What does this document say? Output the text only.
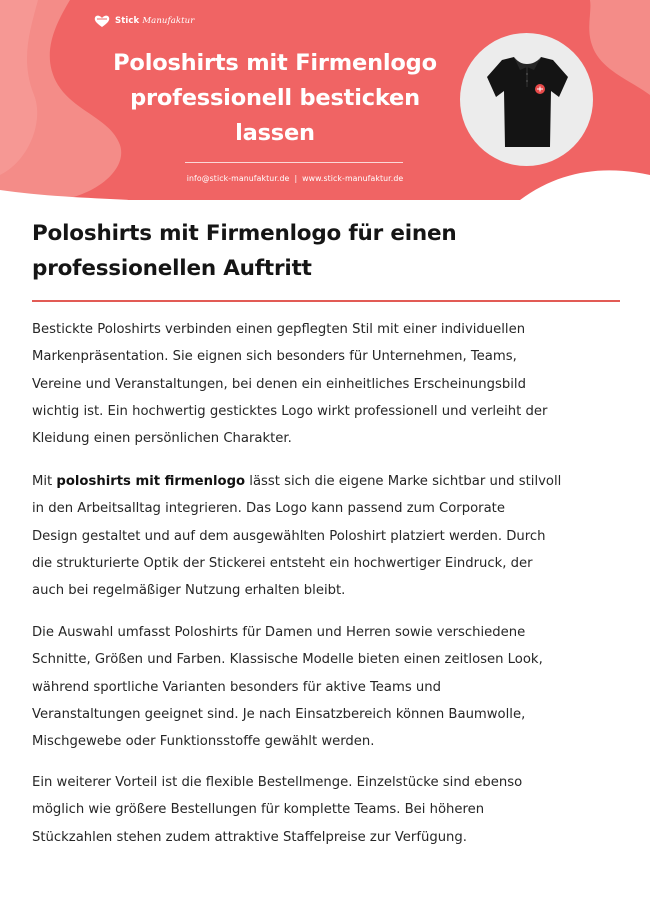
Stick Manufaktur
Poloshirts mit Firmenlogo
professionell besticken
lassen
info@stick-manufaktur.de | www.stick-manufaktur.de
Poloshirts mit Firmenlogo für einen
professionellen Auftritt
Bestickte Poloshirts verbinden einen gepflegten Stil mit einer individuellen
Markenpräsentation. Sie eignen sich besonders für Unternehmen, Teams,
Vereine und Veranstaltungen, bei denen ein einheitliches Erscheinungsbild
wichtig ist. Ein hochwertig gesticktes Logo wirkt professionell und verleiht der
Kleidung einen persönlichen Charakter.
Mit poloshirts mit firmenlogo lässt sich die eigene Marke sichtbar und stilvoll
in den Arbeitsalltag integrieren. Das Logo kann passend zum Corporate
Design gestaltet und auf dem ausgewählten Poloshirt platziert werden. Durch
die strukturierte Optik der Stickerei entsteht ein hochwertiger Eindruck, der
auch bei regelmäßiger Nutzung erhalten bleibt.
Die Auswahl umfasst Poloshirts für Damen und Herren sowie verschiedene
Schnitte, Größen und Farben. Klassische Modelle bieten einen zeitlosen Look,
während sportliche Varianten besonders für aktive Teams und
Veranstaltungen geeignet sind. Je nach Einsatzbereich können Baumwolle,
Mischgewebe oder Funktionsstoffe gewählt werden.
Ein weiterer Vorteil ist die flexible Bestellmenge. Einzelstücke sind ebenso
möglich wie größere Bestellungen für komplette Teams. Bei höheren
Stückzahlen stehen zudem attraktive Staffelpreise zur Verfügung.
